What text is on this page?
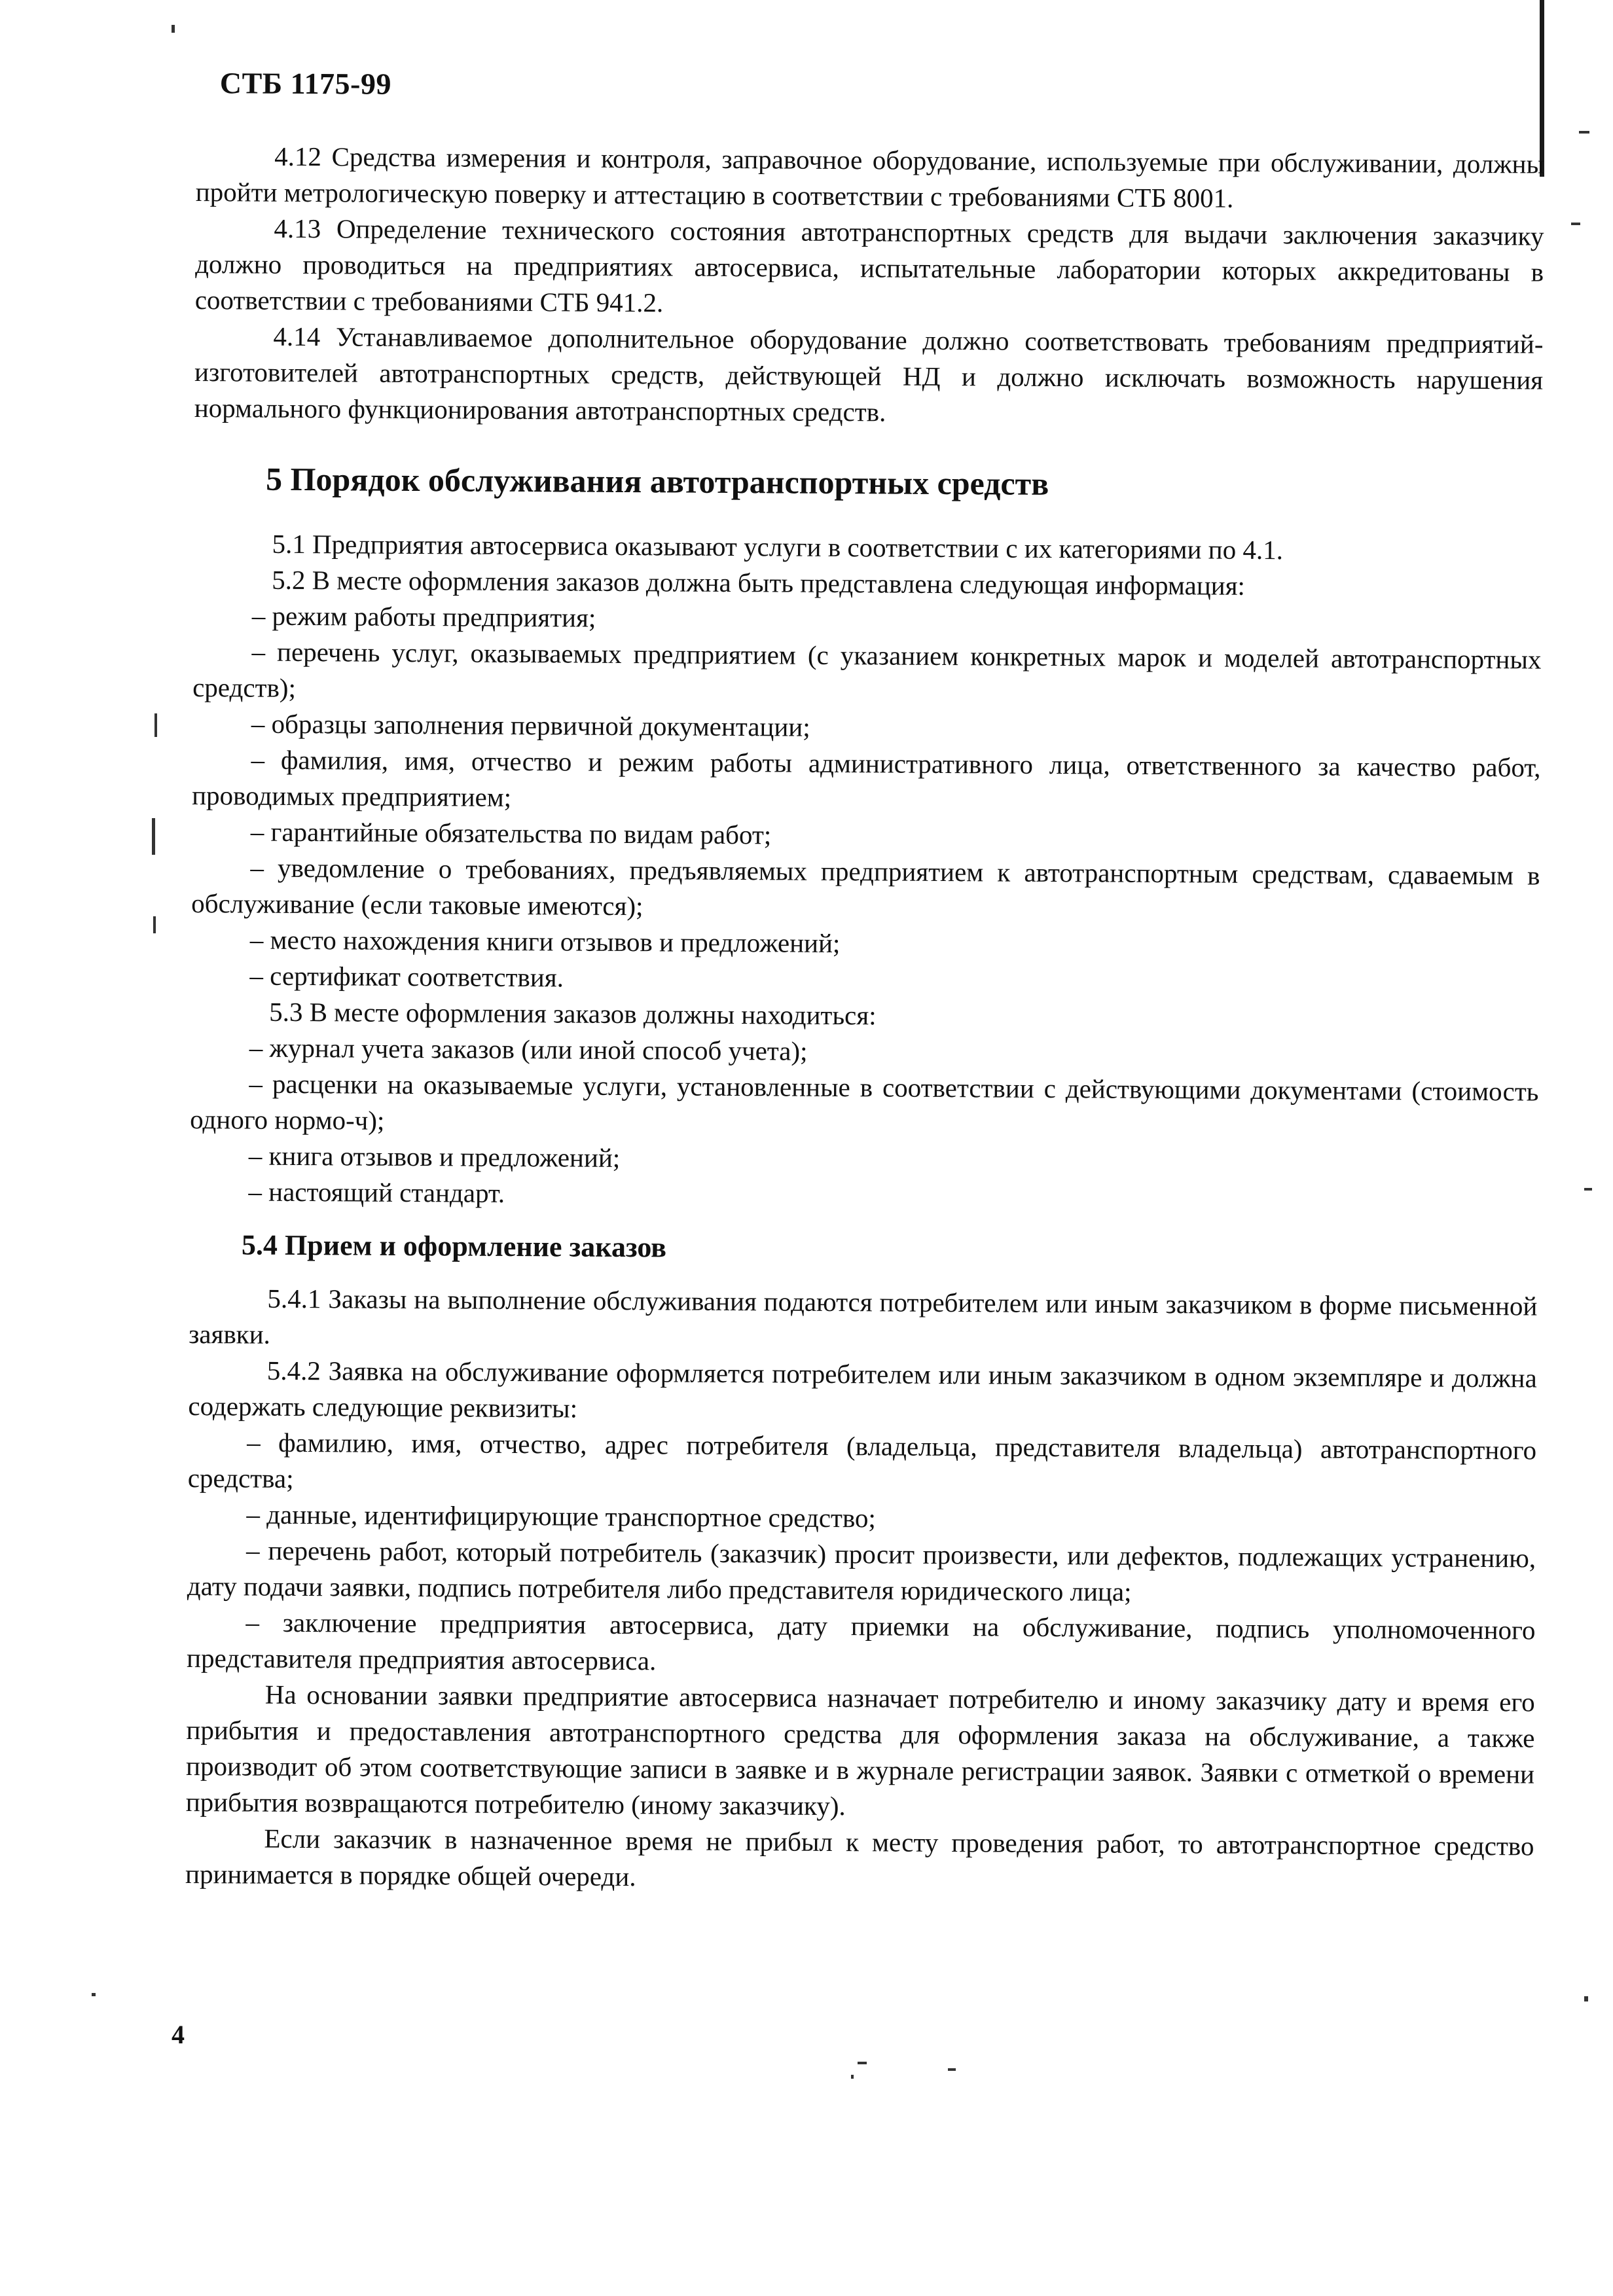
СТБ 1175-99

4.12 Средства измерения и контроля, заправочное оборудование, используемые при обслуживании, должны пройти метрологическую поверку и аттестацию в соответствии с требованиями СТБ 8001.

4.13 Определение технического состояния автотранспортных средств для выдачи заключения заказчику должно проводиться на предприятиях автосервиса, испытательные лаборатории которых аккредитованы в соответствии с требованиями СТБ 941.2.

4.14 Устанавливаемое дополнительное оборудование должно соответствовать требованиям предприятий-изготовителей автотранспортных средств, действующей НД и должно исключать возможность нарушения нормального функционирования автотранспортных средств.

5 Порядок обслуживания автотранспортных средств

5.1 Предприятия автосервиса оказывают услуги в соответствии с их категориями по 4.1.

5.2 В месте оформления заказов должна быть представлена следующая информация:

– режим работы предприятия;

– перечень услуг, оказываемых предприятием (с указанием конкретных марок и моделей автотранспортных средств);

– образцы заполнения первичной документации;

– фамилия, имя, отчество и режим работы административного лица, ответственного за качество работ, проводимых предприятием;

– гарантийные обязательства по видам работ;

– уведомление о требованиях, предъявляемых предприятием к автотранспортным средствам, сдаваемым в обслуживание (если таковые имеются);

– место нахождения книги отзывов и предложений;

– сертификат соответствия.

5.3 В месте оформления заказов должны находиться:

– журнал учета заказов (или иной способ учета);

– расценки на оказываемые услуги, установленные в соответствии с действующими документами (стоимость одного нормо-ч);

– книга отзывов и предложений;

– настоящий стандарт.

5.4 Прием и оформление заказов

5.4.1 Заказы на выполнение обслуживания подаются потребителем или иным заказчиком в форме письменной заявки.

5.4.2 Заявка на обслуживание оформляется потребителем или иным заказчиком в одном экземпляре и должна содержать следующие реквизиты:

– фамилию, имя, отчество, адрес потребителя (владельца, представителя владельца) автотранспортного средства;

– данные, идентифицирующие транспортное средство;

– перечень работ, который потребитель (заказчик) просит произвести, или дефектов, подлежащих устранению, дату подачи заявки, подпись потребителя либо представителя юридического лица;

– заключение предприятия автосервиса, дату приемки на обслуживание, подпись уполномоченного представителя предприятия автосервиса.

На основании заявки предприятие автосервиса назначает потребителю и иному заказчику дату и время его прибытия и предоставления автотранспортного средства для оформления заказа на обслуживание, а также производит об этом соответствующие записи в заявке и в журнале регистрации заявок. Заявки с отметкой о времени прибытия возвращаются потребителю (иному заказчику).

Если заказчик в назначенное время не прибыл к месту проведения работ, то автотранспортное средство принимается в порядке общей очереди.

4
